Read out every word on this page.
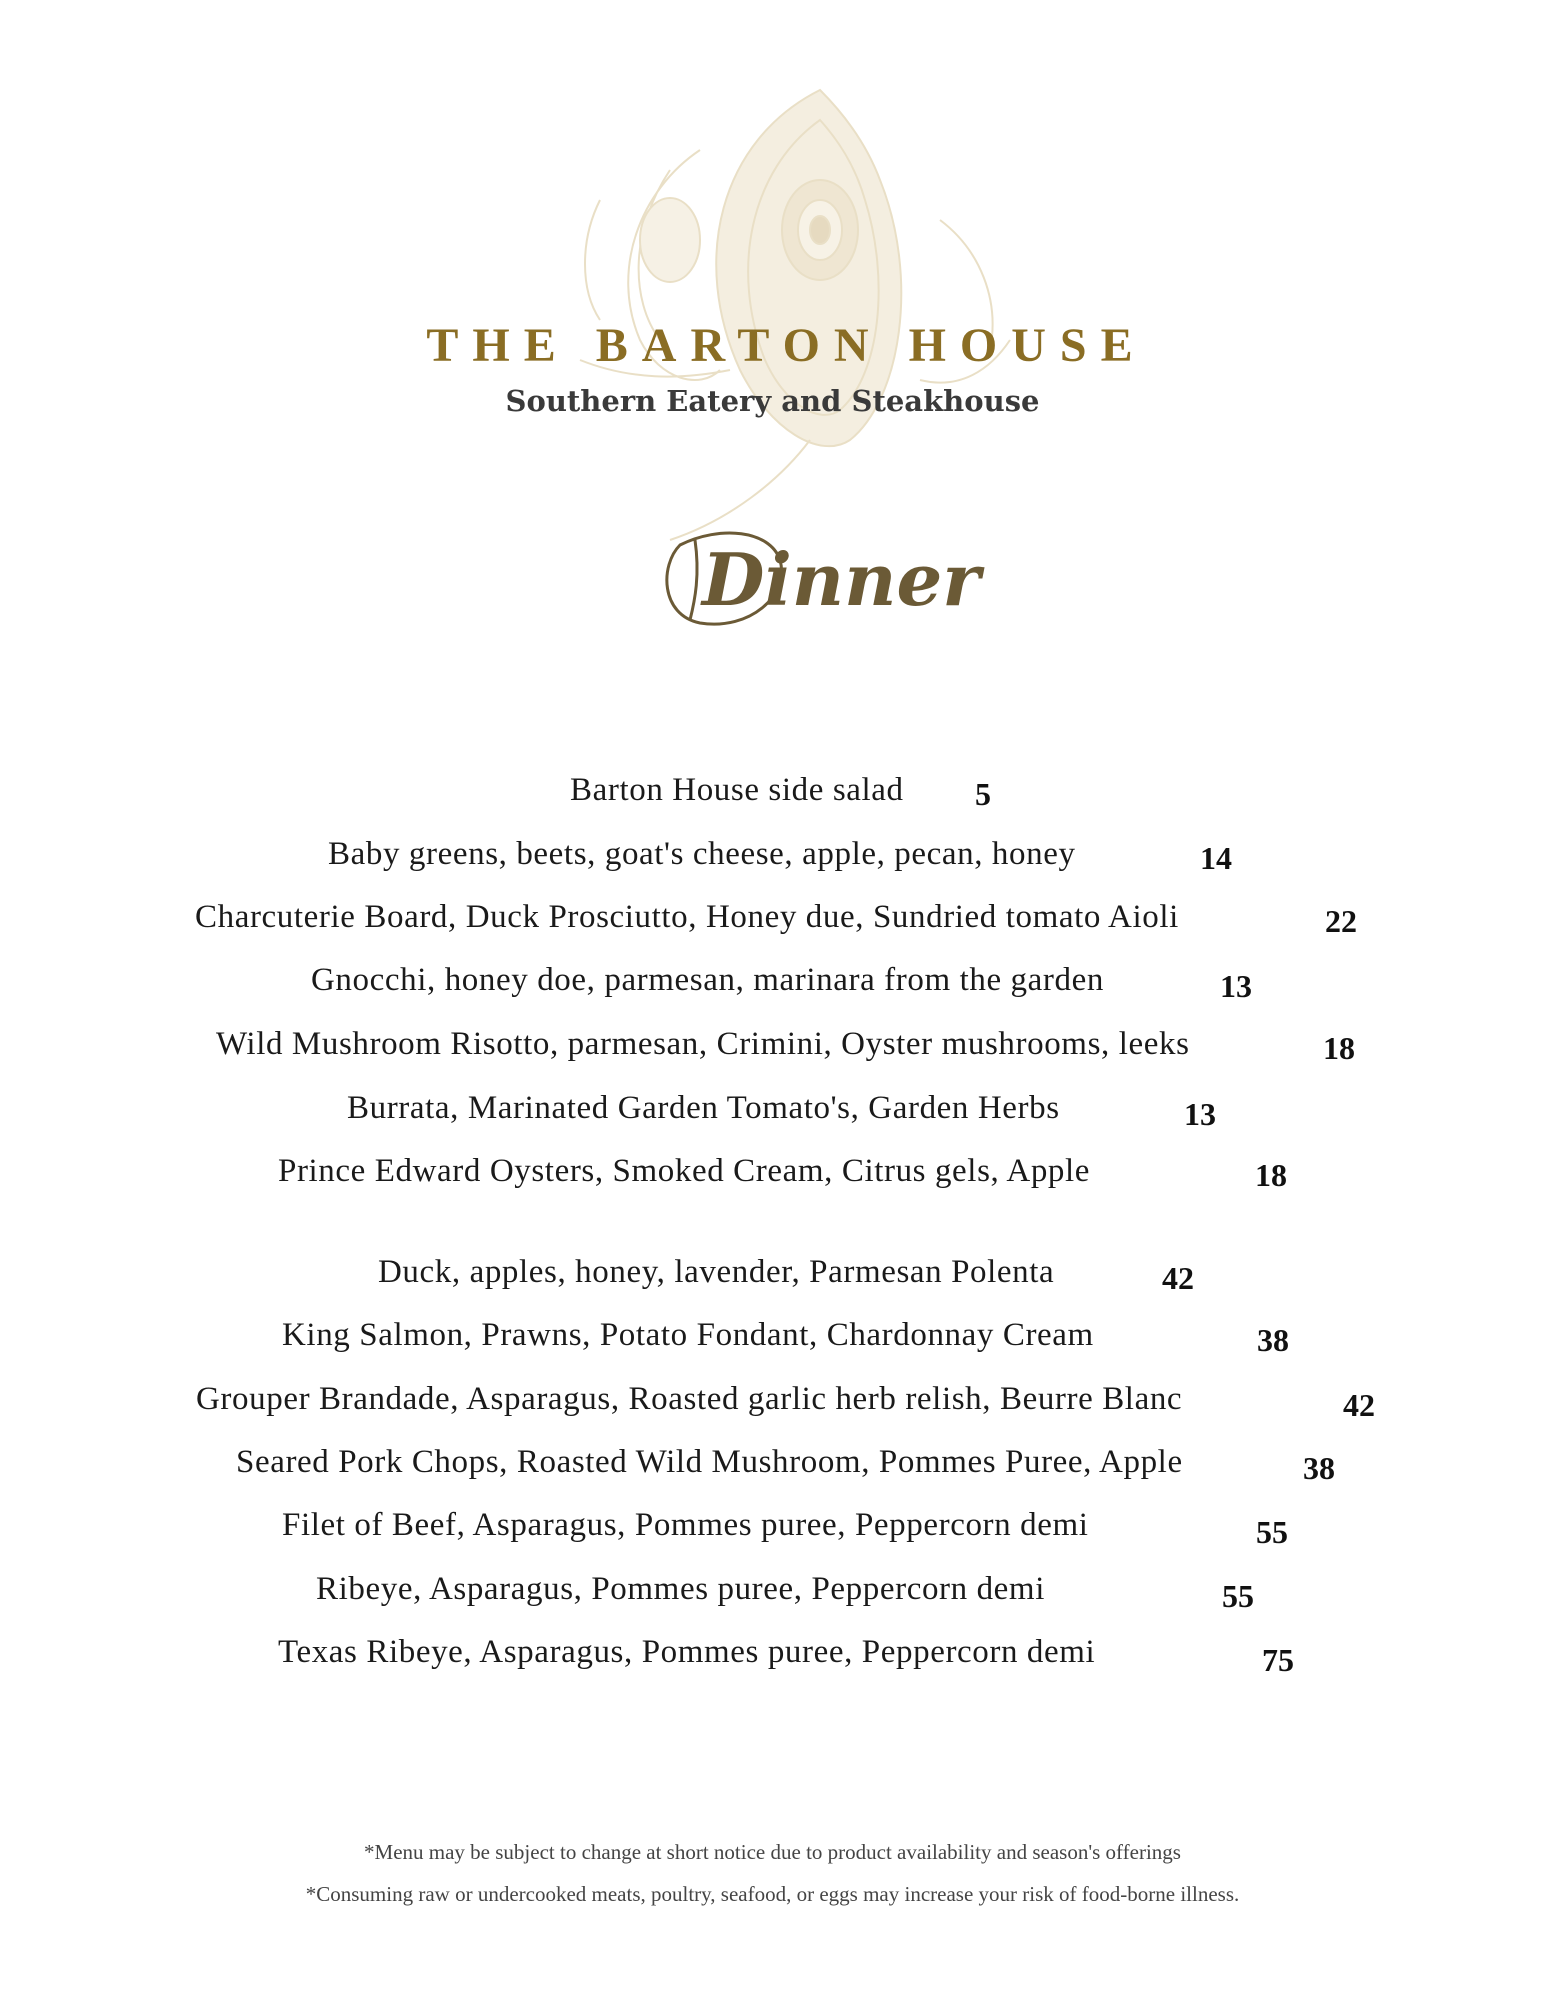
THE BARTON HOUSE
Southern Eatery and Steakhouse
Dinner
Barton House side salad 5
Baby greens, beets, goat's cheese, apple, pecan, honey	14
Charcuterie Board, Duck Prosciutto, Honey due, Sundried tomato Aioli	22
Gnocchi, honey doe, parmesan, marinara from the garden	13
Wild Mushroom Risotto, parmesan, Crimini, Oyster mushrooms, leeks	18
Burrata, Marinated Garden Tomato's, Garden Herbs	13
Prince Edward Oysters, Smoked Cream, Citrus gels, Apple	18
Duck, apples, honey, lavender, Parmesan Polenta	42
King Salmon, Prawns, Potato Fondant, Chardonnay Cream	38
Grouper Brandade, Asparagus, Roasted garlic herb relish, Beurre Blanc	42
Seared Pork Chops, Roasted Wild Mushroom, Pommes Puree, Apple	38
Filet of Beef, Asparagus, Pommes puree, Peppercorn demi	55
Ribeye, Asparagus, Pommes puree, Peppercorn demi	55
Texas Ribeye, Asparagus, Pommes puree, Peppercorn demi	75
*Menu may be subject to change at short notice due to product availability and season's offerings
*Consuming raw or undercooked meats, poultry, seafood, or eggs may increase your risk of food-borne illness.
